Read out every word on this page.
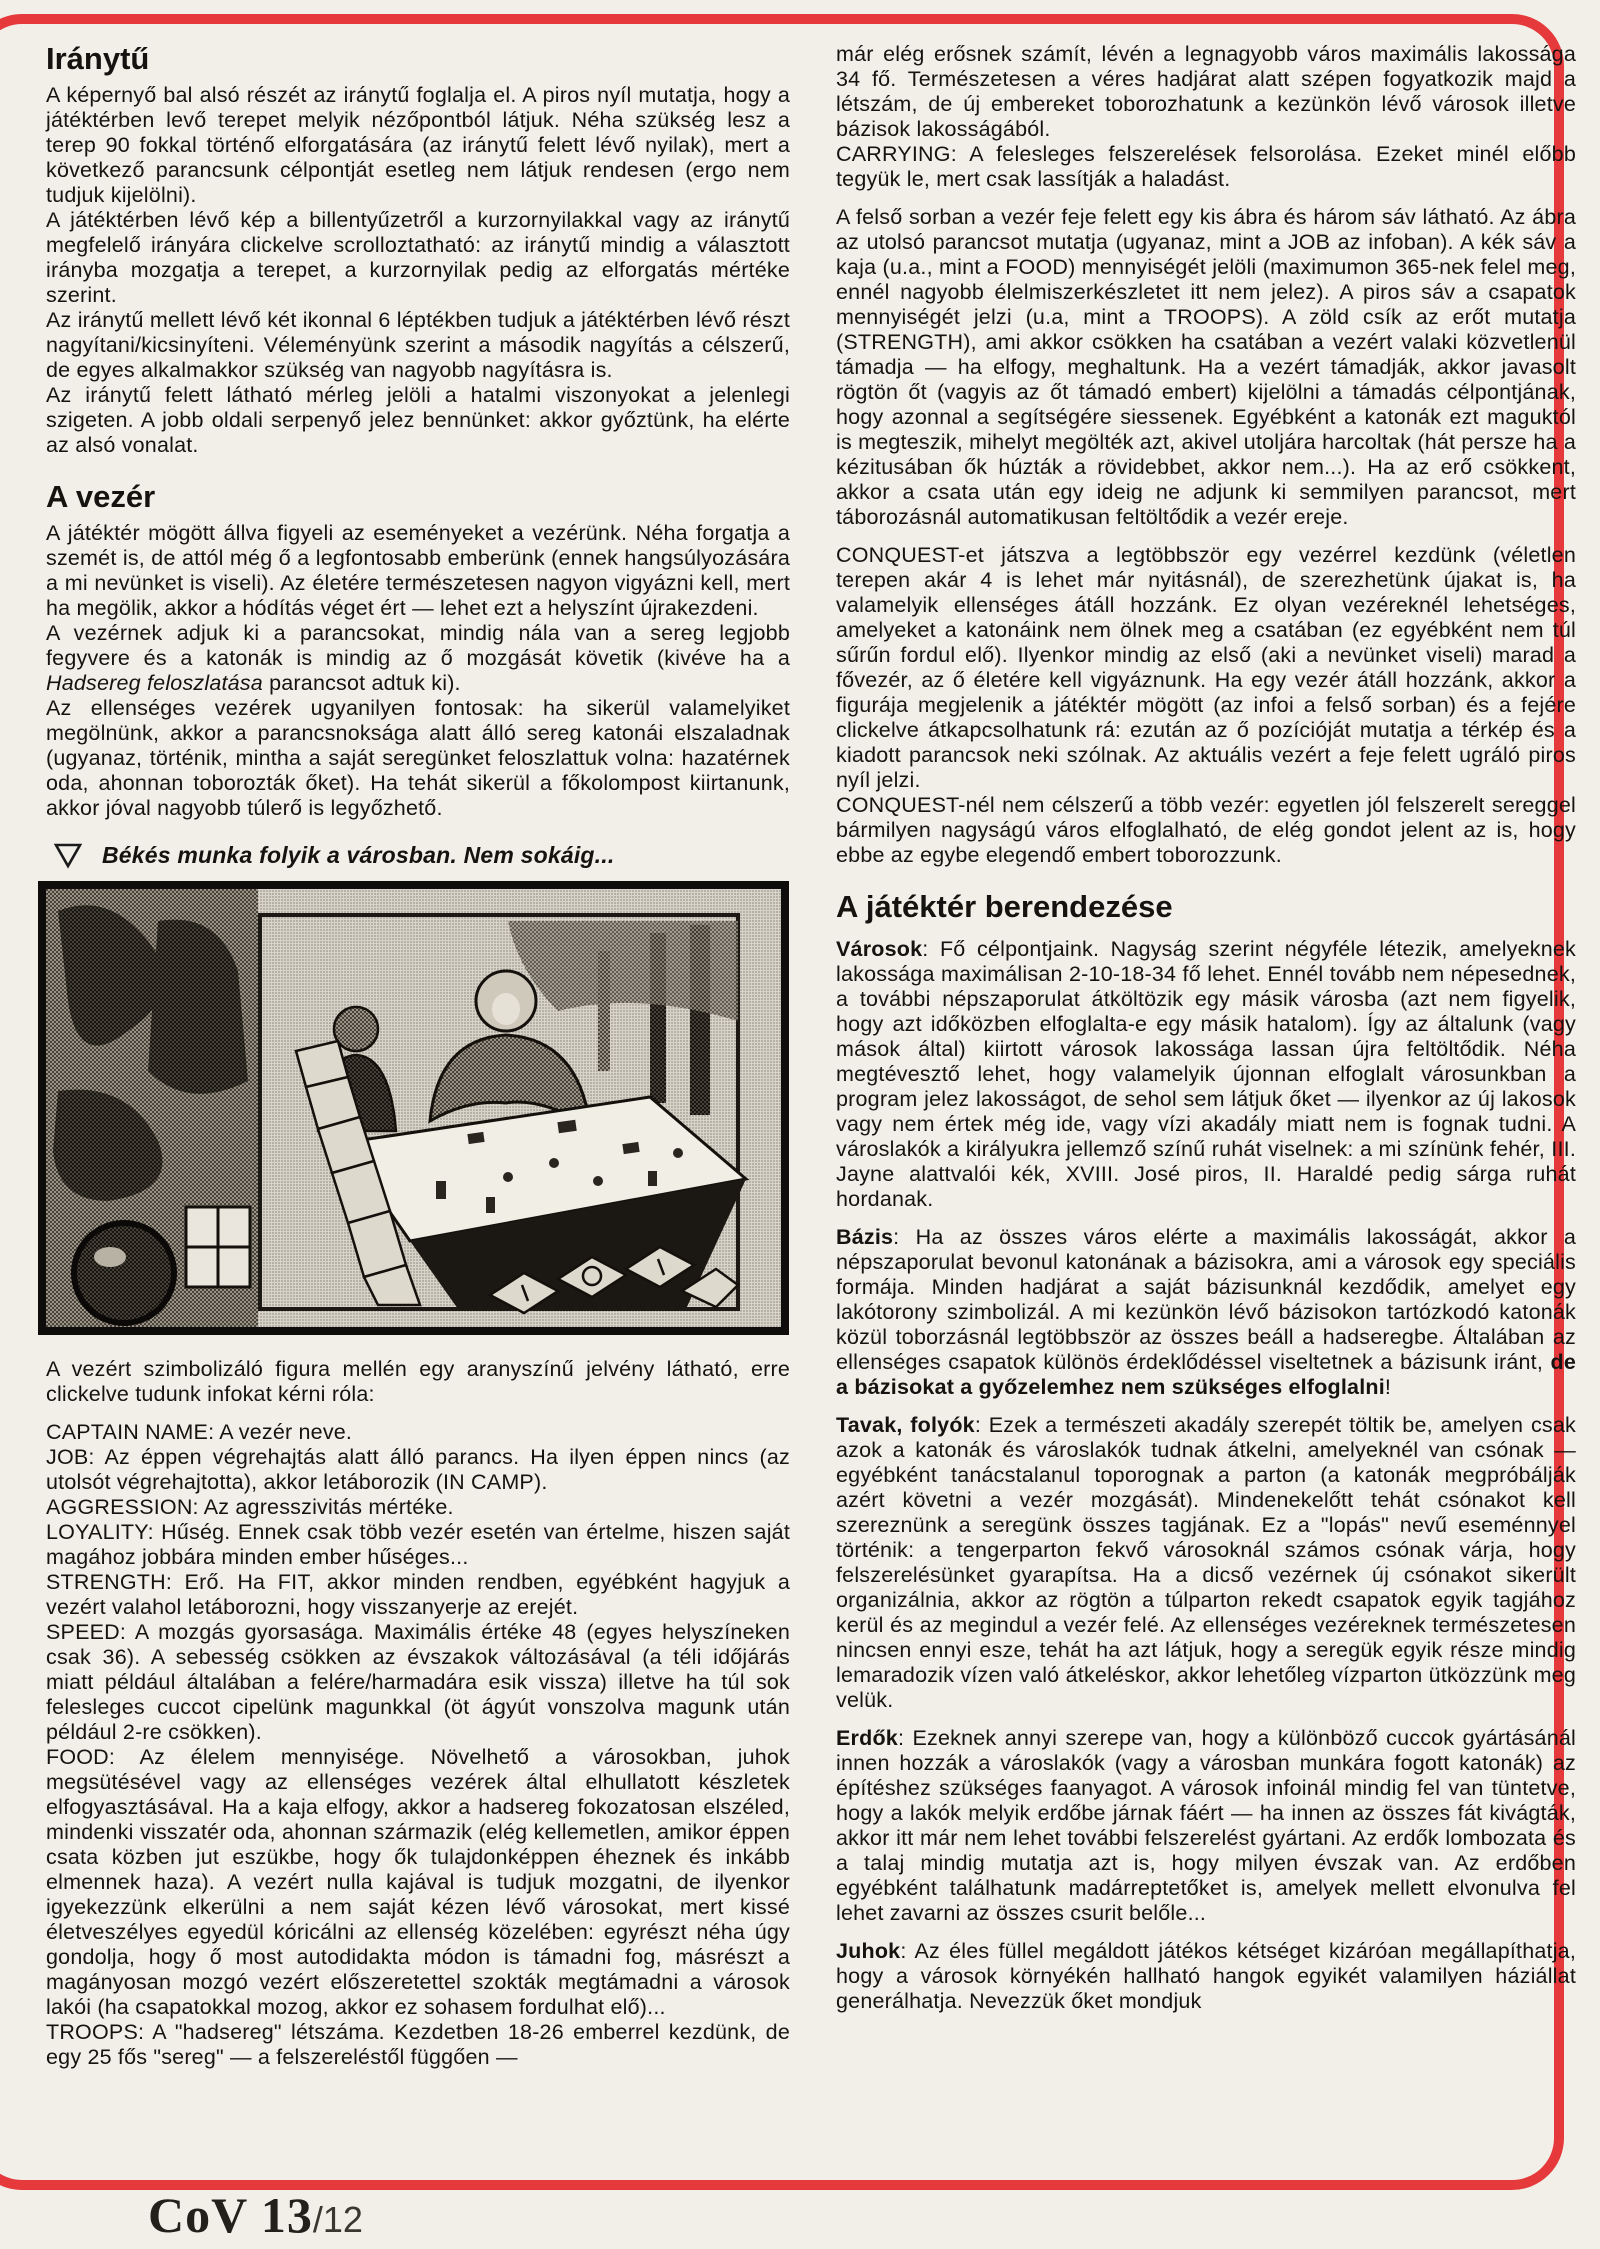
Iránytű

A képernyő bal alsó részét az iránytű foglalja el. A piros nyíl mutatja, hogy a játéktérben levő terepet melyik nézőpontból látjuk. Néha szükség lesz a terep 90 fokkal történő elforgatására (az iránytű felett lévő nyilak), mert a következő parancsunk célpontját esetleg nem látjuk rendesen (ergo nem tudjuk kijelölni).

A játéktérben lévő kép a billentyűzetről a kurzornyilakkal vagy az iránytű megfelelő irányára clickelve scrolloztatható: az iránytű mindig a választott irányba mozgatja a terepet, a kurzornyilak pedig az elforgatás mértéke szerint.

Az iránytű mellett lévő két ikonnal 6 léptékben tudjuk a játéktérben lévő részt nagyítani/kicsinyíteni. Véleményünk szerint a második nagyítás a célszerű, de egyes alkalmakkor szükség van nagyobb nagyításra is.

Az iránytű felett látható mérleg jelöli a hatalmi viszonyokat a jelenlegi szigeten. A jobb oldali serpenyő jelez bennünket: akkor győztünk, ha elérte az alsó vonalat.

A vezér

A játéktér mögött állva figyeli az eseményeket a vezérünk. Néha forgatja a szemét is, de attól még ő a legfontosabb emberünk (ennek hangsúlyozására a mi nevünket is viseli). Az életére természetesen nagyon vigyázni kell, mert ha megölik, akkor a hódítás véget ért — lehet ezt a helyszínt újrakezdeni.

A vezérnek adjuk ki a parancsokat, mindig nála van a sereg legjobb fegyvere és a katonák is mindig az ő mozgását követik (kivéve ha a Hadsereg feloszlatása parancsot adtuk ki).

Az ellenséges vezérek ugyanilyen fontosak: ha sikerül valamelyiket megölnünk, akkor a parancsnoksága alatt álló sereg katonái elszaladnak (ugyanaz, történik, mintha a saját seregünket feloszlattuk volna: hazatérnek oda, ahonnan toborozták őket). Ha tehát sikerül a főkolompost kiirtanunk, akkor jóval nagyobb túlerő is legyőzhető.

Békés munka folyik a városban. Nem sokáig...

A vezért szimbolizáló figura mellén egy aranyszínű jelvény látható, erre clickelve tudunk infokat kérni róla:

CAPTAIN NAME: A vezér neve.

JOB: Az éppen végrehajtás alatt álló parancs. Ha ilyen éppen nincs (az utolsót végrehajtotta), akkor letáborozik (IN CAMP).

AGGRESSION: Az agresszivitás mértéke.

LOYALITY: Hűség. Ennek csak több vezér esetén van értelme, hiszen saját magához jobbára minden ember hűséges...

STRENGTH: Erő. Ha FIT, akkor minden rendben, egyébként hagyjuk a vezért valahol letáborozni, hogy visszanyerje az erejét.

SPEED: A mozgás gyorsasága. Maximális értéke 48 (egyes helyszíneken csak 36). A sebesség csökken az évszakok változásával (a téli időjárás miatt például általában a felére/harmadára esik vissza) illetve ha túl sok felesleges cuccot cipelünk magunkkal (öt ágyút vonszolva magunk után például 2-re csökken).

FOOD: Az élelem mennyisége. Növelhető a városokban, juhok megsütésével vagy az ellenséges vezérek által elhullatott készletek elfogyasztásával. Ha a kaja elfogy, akkor a hadsereg fokozatosan elszéled, mindenki visszatér oda, ahonnan származik (elég kellemetlen, amikor éppen csata közben jut eszükbe, hogy ők tulajdonképpen éheznek és inkább elmennek haza). A vezért nulla kajával is tudjuk mozgatni, de ilyenkor igyekezzünk elkerülni a nem saját kézen lévő városokat, mert kissé életveszélyes egyedül kóricálni az ellenség közelében: egyrészt néha úgy gondolja, hogy ő most autodidakta módon is támadni fog, másrészt a magányosan mozgó vezért előszeretettel szokták megtámadni a városok lakói (ha csapatokkal mozog, akkor ez sohasem fordulhat elő)...

TROOPS: A "hadsereg" létszáma. Kezdetben 18-26 emberrel kezdünk, de egy 25 fős "sereg" — a felszereléstől függően —

már elég erősnek számít, lévén a legnagyobb város maximális lakossága 34 fő. Természetesen a véres hadjárat alatt szépen fogyatkozik majd a létszám, de új embereket toborozhatunk a kezünkön lévő városok illetve bázisok lakosságából.

CARRYING: A felesleges felszerelések felsorolása. Ezeket minél előbb tegyük le, mert csak lassítják a haladást.

A felső sorban a vezér feje felett egy kis ábra és három sáv látható. Az ábra az utolsó parancsot mutatja (ugyanaz, mint a JOB az infoban). A kék sáv a kaja (u.a., mint a FOOD) mennyiségét jelöli (maximumon 365-nek felel meg, ennél nagyobb élelmiszerkészletet itt nem jelez). A piros sáv a csapatok mennyiségét jelzi (u.a, mint a TROOPS). A zöld csík az erőt mutatja (STRENGTH), ami akkor csökken ha csatában a vezért valaki közvetlenül támadja — ha elfogy, meghaltunk. Ha a vezért támadják, akkor javasolt rögtön őt (vagyis az őt támadó embert) kijelölni a támadás célpontjának, hogy azonnal a segítségére siessenek. Egyébként a katonák ezt maguktól is megteszik, mihelyt megölték azt, akivel utoljára harcoltak (hát persze ha a kézitusában ők húzták a rövidebbet, akkor nem...). Ha az erő csökkent, akkor a csata után egy ideig ne adjunk ki semmilyen parancsot, mert táborozásnál automatikusan feltöltődik a vezér ereje.

CONQUEST-et játszva a legtöbbször egy vezérrel kezdünk (véletlen terepen akár 4 is lehet már nyitásnál), de szerezhetünk újakat is, ha valamelyik ellenséges átáll hozzánk. Ez olyan vezéreknél lehetséges, amelyeket a katonáink nem ölnek meg a csatában (ez egyébként nem túl sűrűn fordul elő). Ilyenkor mindig az első (aki a nevünket viseli) marad a fővezér, az ő életére kell vigyáznunk. Ha egy vezér átáll hozzánk, akkor a figurája megjelenik a játéktér mögött (az infoi a felső sorban) és a fejére clickelve átkapcsolhatunk rá: ezután az ő pozícióját mutatja a térkép és a kiadott parancsok neki szólnak. Az aktuális vezért a feje felett ugráló piros nyíl jelzi.

CONQUEST-nél nem célszerű a több vezér: egyetlen jól felszerelt sereggel bármilyen nagyságú város elfoglalható, de elég gondot jelent az is, hogy ebbe az egybe elegendő embert toborozzunk.

A játéktér berendezése

Városok: Fő célpontjaink. Nagyság szerint négyféle létezik, amelyeknek lakossága maximálisan 2-10-18-34 fő lehet. Ennél tovább nem népesednek, a további népszaporulat átköltözik egy másik városba (azt nem figyelik, hogy azt időközben elfoglalta-e egy másik hatalom). Így az általunk (vagy mások által) kiirtott városok lakossága lassan újra feltöltődik. Néha megtévesztő lehet, hogy valamelyik újonnan elfoglalt városunkban a program jelez lakosságot, de sehol sem látjuk őket — ilyenkor az új lakosok vagy nem értek még ide, vagy vízi akadály miatt nem is fognak tudni. A városlakók a királyukra jellemző színű ruhát viselnek: a mi színünk fehér, III. Jayne alattvalói kék, XVIII. José piros, II. Haraldé pedig sárga ruhát hordanak.

Bázis: Ha az összes város elérte a maximális lakosságát, akkor a népszaporulat bevonul katonának a bázisokra, ami a városok egy speciális formája. Minden hadjárat a saját bázisunknál kezdődik, amelyet egy lakótorony szimbolizál. A mi kezünkön lévő bázisokon tartózkodó katonák közül toborzásnál legtöbbször az összes beáll a hadseregbe. Általában az ellenséges csapatok különös érdeklődéssel viseltetnek a bázisunk iránt, de a bázisokat a győzelemhez nem szükséges elfoglalni!

Tavak, folyók: Ezek a természeti akadály szerepét töltik be, amelyen csak azok a katonák és városlakók tudnak átkelni, amelyeknél van csónak — egyébként tanácstalanul toporognak a parton (a katonák megpróbálják azért követni a vezér mozgását). Mindenekelőtt tehát csónakot kell szereznünk a seregünk összes tagjának. Ez a "lopás" nevű eseménnyel történik: a tengerparton fekvő városoknál számos csónak várja, hogy felszerelésünket gyarapítsa. Ha a dicső vezérnek új csónakot sikerült organizálnia, akkor az rögtön a túlparton rekedt csapatok egyik tagjához kerül és az megindul a vezér felé. Az ellenséges vezéreknek természetesen nincsen ennyi esze, tehát ha azt látjuk, hogy a seregük egyik része mindig lemaradozik vízen való átkeléskor, akkor lehetőleg vízparton ütközzünk meg velük.

Erdők: Ezeknek annyi szerepe van, hogy a különböző cuccok gyártásánál innen hozzák a városlakók (vagy a városban munkára fogott katonák) az építéshez szükséges faanyagot. A városok infoinál mindig fel van tüntetve, hogy a lakók melyik erdőbe járnak fáért — ha innen az összes fát kivágták, akkor itt már nem lehet további felszerelést gyártani. Az erdők lombozata és a talaj mindig mutatja azt is, hogy milyen évszak van. Az erdőben egyébként találhatunk madárreptetőket is, amelyek mellett elvonulva fel lehet zavarni az összes csurit belőle...

Juhok: Az éles füllel megáldott játékos kétséget kizáróan megállapíthatja, hogy a városok környékén hallható hangok egyikét valamilyen háziállat generálhatja. Nevezzük őket mondjuk

CoV 13/12
